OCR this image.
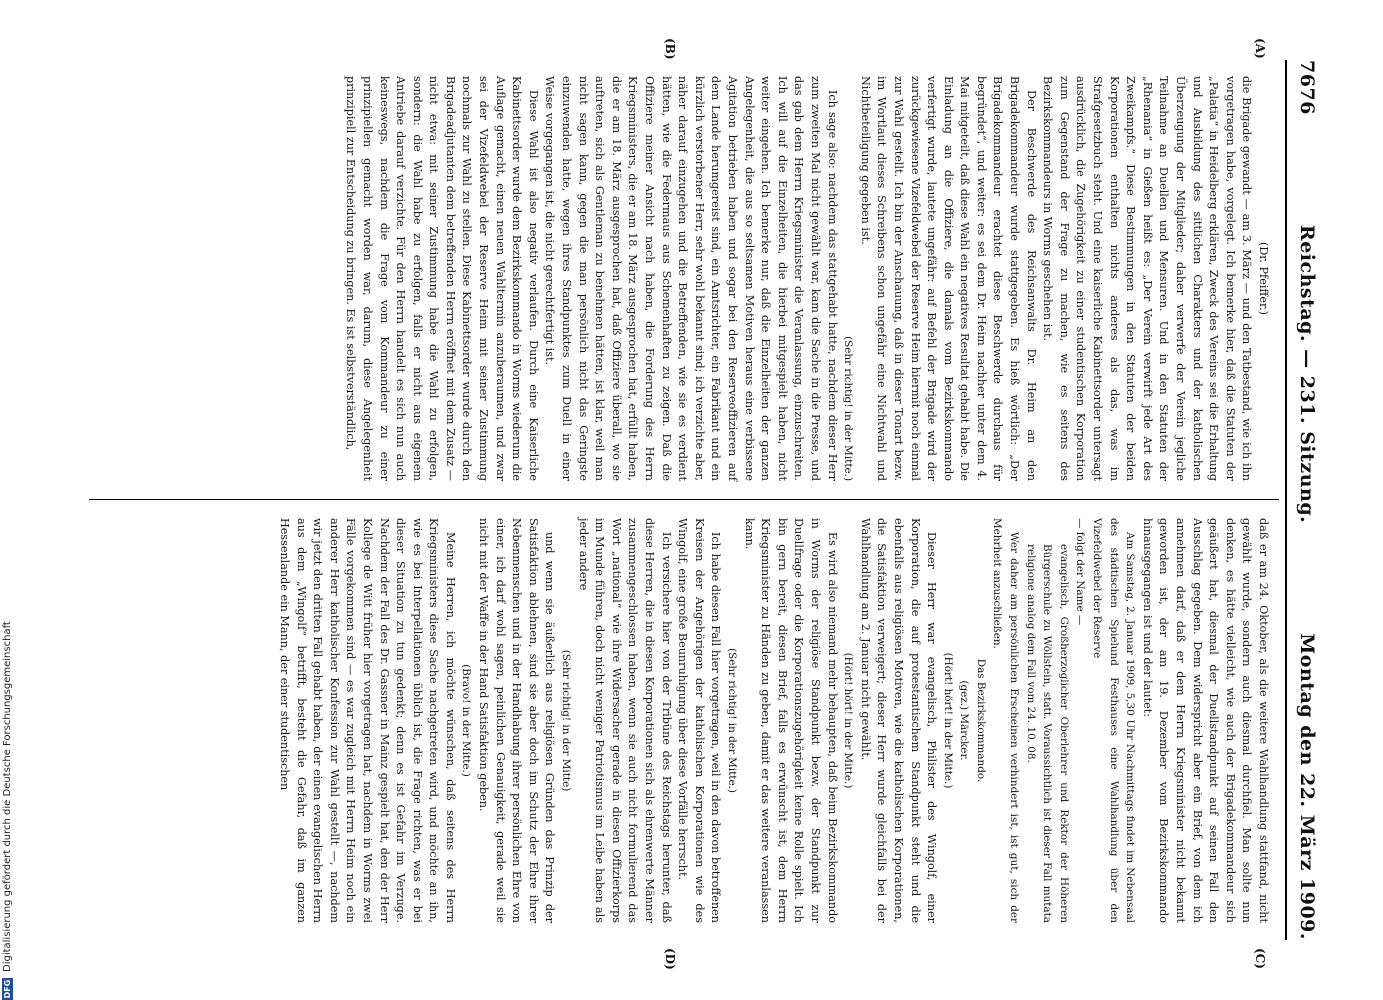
7676
Reichstag. — 231. Sitzung.
Montag den 22. März 1909.
(A)
(B)
(C)
(D)

(Dr. Pfeiffer.)

die Brigade gewandt — am 3. März — und den Tatbestand, wie ich ihn vorgetragen habe, vorgelegt. Ich bemerke hier, daß die Statuten der „Palatia“ in Heidelberg erklären, Zweck des Vereins sei die Erhaltung und Ausbildung des sittlichen Charakters und der katholischen Überzeugung der Mitglieder; daher verwerfe der Verein jegliche Teilnahme an Duellen und Mensuren. Und in den Statuten der „Rhenania“ in Gießen heißt es: „Der Verein verwirft jede Art des Zweikampfs.“ Diese Bestimmungen in den Statuten der beiden Korporationen enthalten nichts anderes als das, was im Strafgesetzbuch steht. Und eine kaiserliche Kabinettsorder untersagt ausdrücklich, die Zugehörigkeit zu einer studentischen Korporation zum Gegenstand der Frage zu machen, wie es seitens des Bezirkskommandeurs in Worms geschehen ist.

Der Beschwerde des Reichsanwalts Dr. Heim an den Brigadekommandeur wurde stattgegeben. Es hieß wörtlich: „Der Brigadekommandeur erachtet diese Beschwerde durchaus für begründet“, und weiter: es sei dem Dr. Heim nachher unter dem 4. Mai mitgeteilt, daß diese Wahl ein negatives Resultat gehabt habe. Die Einladung an die Offiziere, die damals vom Bezirkskommando verfertigt wurde, lautete ungefähr: auf Befehl der Brigade wird der zurückgewiesene Vizefeldwebel der Reserve Heim hiermit noch einmal zur Wahl gestellt. Ich bin der Anschauung, daß in dieser Tonart bezw. im Wortlaut dieses Schreibens schon ungefähr eine Nichtwahl und Nichtbeteiligung gegeben ist.

(Sehr richtig! in der Mitte.)

Ich sage also: nachdem das stattgehabt hatte, nachdem dieser Herr zum zweiten Mal nicht gewählt war, kam die Sache in die Presse, und das gab dem Herrn Kriegsminister die Veranlassung, einzuschreiten. Ich will auf die Einzelheiten, die hierbei mitgespielt haben, nicht weiter eingehen. Ich bemerke nur, daß die Einzelheiten der ganzen Angelegenheit, die aus so seltsamen Motiven heraus eine verbissene Agitation betrieben haben und sogar bei den Reserveoffizieren auf dem Lande herumgereist sind, ein Amtsrichter, ein Fabrikant und ein kürzlich verstorbener Herr, sehr wohl bekannt sind; ich verzichte aber, näher darauf einzugehen und die Betreffenden, wie sie es verdient hätten, wie die Federmaus aus Schemenhaften zu zeigen. Daß die Offiziere meiner Ansicht nach haben, die Forderung des Herrn Kriegsministers, die er am 18. März ausgesprochen hat, erfüllt haben, die er am 18. März ausgesprochen hat, daß Offiziere überall, wo sie auftreten, sich als Gentleman zu benehmen hätten, ist klar, weil man nicht sagen kann, gegen die man persönlich nicht das Geringste einzuwenden hatte, wegen ihres Standpunktes zum Duell in einer Weise vorgegangen ist, die nicht gerechtfertigt ist.

Diese Wahl ist also negativ verlaufen. Durch eine Kaiserliche Kabinettsorder wurde dem Bezirkskommando in Worms wiederum die Auflage gemacht, einen neuen Wahltermin anzuberaumen, und zwar sei der Vizefeldwebel der Reserve Heim mit seiner Zustimmung nochmals zur Wahl zu stellen. Diese Kabinettsorder wurde durch den Brigadeadjutanten dem betreffenden Herrn eröffnet mit dem Zusatz — nicht etwa: mit seiner Zustimmung habe die Wahl zu erfolgen, sondern: die Wahl habe zu erfolgen, falls er nicht aus eigenem Antriebe darauf verzichte. Für den Herrn handelt es sich nun auch keineswegs, nachdem die Frage vom Kommandeur zu einer prinzipiellen gemacht worden war, darum, diese Angelegenheit prinzipiell zur Entscheidung zu bringen. Es ist selbstverständlich,

daß er am 24. Oktober, als die weitere Wahlhandlung stattfand, nicht gewählt wurde, sondern auch diesmal durchfiel. Man sollte nun denken, es hätte vielleicht, wie auch der Brigadekommandeur sich geäußert hat, diesmal der Duellstandpunkt auf seinen Fall den Ausschlag gegeben. Dem widerspricht aber ein Brief, von dem ich annehmen darf, daß er dem Herrn Kriegsminister nicht bekannt geworden ist, der am 19. Dezember vom Bezirkskommando hinausgegangen ist und der lautet:

Am Samstag, 2. Januar 1909, 5,30 Uhr Nachmittags findet im Nebensaal des städtischen Spielund Festhauses eine Wahlhandlung über den Vizefeldwebel der Reserve

— folgt der Name —

evangelisch, Großherzoglicher Oberlehrer und Rektor der Höheren Bürgerschule zu Wöllstein, statt. Voraussichtlich ist dieser Fall mutata religione analog dem Fall vom 24. 10. 08.

Wer daher am persönlichen Erscheinen verhindert ist, ist gut, sich der Mehrheit anzuschließen.

Das Bezirkskommando.

(gez.) Märcker.

(Hört! hört! in der Mitte.)

Dieser Herr war evangelisch, Philister des Wingolf, einer Korporation, die auf protestantischem Standpunkt steht und die ebenfalls aus religiösen Motiven, wie die katholischen Korporationen, die Satisfaktion verweigert; dieser Herr wurde gleichfalls bei der Wahlhandlung am 2. Januar nicht gewählt.

(Hört! hört! in der Mitte.)

Es wird also niemand mehr behaupten, daß beim Bezirkskommando in Worms der religiöse Standpunkt bezw. der Standpunkt zur Duellfrage oder die Korporationszugehörigkeit keine Rolle spielt. Ich bin gern bereit, diesen Brief, falls es erwünscht ist, dem Herrn Kriegsminister zu Händen zu geben, damit er das weitere veranlassen kann.

(Sehr richtig! in der Mitte.)

Ich habe diesen Fall hier vorgetragen, weil in den davon betroffenen Kreisen der Angehörigen der katholischen Korporationen wie des Wingolf, eine große Beunruhigung über diese Vorfälle herrscht.

Ich versichere hier von der Tribüne des Reichstags herunter, daß diese Herren, die in diesen Korporationen sich als ehrenwerte Männer zusammengeschlossen haben, wenn sie auch nicht formulierend das Wort „national“ wie ihre Widersacher gerade in diesen Offizierkorps im Munde führen, doch nicht weniger Patriotismus im Leibe haben als jeder andere

(Sehr richtig! in der Mitte)

und wenn sie äußerlich aus religiösen Gründen das Prinzip der Satisfaktion ablehnen, sind sie aber doch im Schutz der Ehre ihrer Nebenmenschen und in der Handhabung ihrer persönlichen Ehre von einer, ich darf wohl sagen, peinlichen Genauigkeit, gerade weil sie nicht mit der Waffe in der Hand Satisfaktion geben.

(Bravo! in der Mitte.)

Meine Herren, ich möchte wünschen, daß seitens des Herrn Kriegsministers diese Sache nachgetreten wird, und möchte an ihn, wie es bei Interpellationen üblich ist, die Frage richten, was er bei dieser Situation zu tun gedenkt; denn es ist Gefahr im Verzuge. Nachdem der Fall des Dr. Gassner in Mainz gespielt hat, den der Herr Kollege de Witt früher hier vorgetragen hat, nachdem in Worms zwei Fälle vorgekommen sind — es war zugleich mit Herrn Heim noch ein anderer Herr katholischer Konfession zur Wahl gestellt —, nachdem wir jetzt den dritten Fall gehabt haben, der einen evangelischen Herrn aus dem „Wingolf“ betrifft, besteht die Gefahr, daß im ganzen Hessenlande ein Mann, der einer studentischen

DFG
Digitalisierung gefördert durch die Deutsche Forschungsgemeinschaft
